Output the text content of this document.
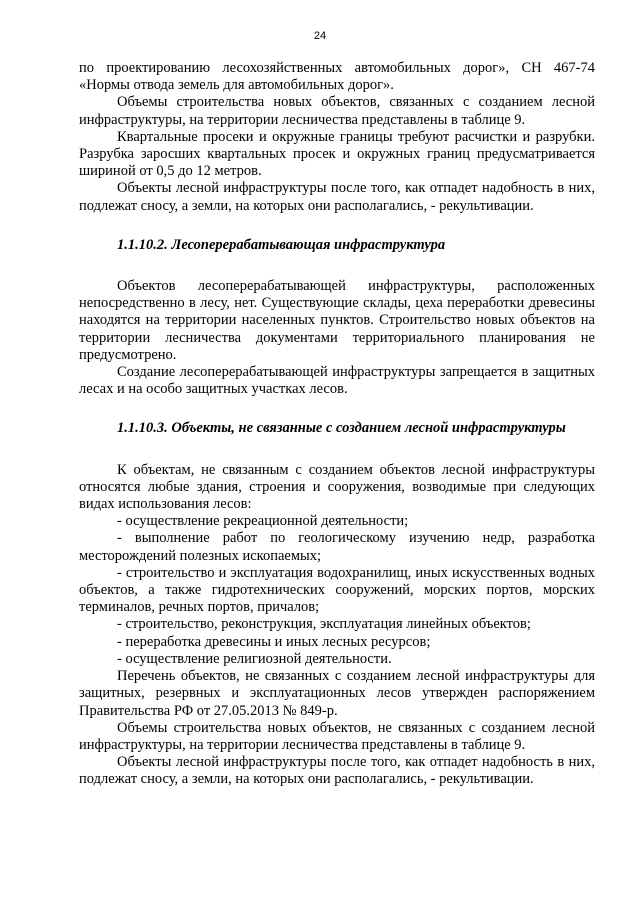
24

по проектированию лесохозяйственных автомобильных дорог», СН 467-74 «Нормы отвода земель для автомобильных дорог».

Объемы строительства новых объектов, связанных с созданием лесной инфраструктуры, на территории лесничества представлены в таблице 9.

Квартальные просеки и окружные границы требуют расчистки и разрубки. Разрубка заросших квартальных просек и окружных границ предусматривается шириной от 0,5 до 12 метров.

Объекты лесной инфраструктуры после того, как отпадет надобность в них, подлежат сносу, а земли, на которых они располагались, - рекультивации.

1.1.10.2. Лесоперерабатывающая инфраструктура

Объектов лесоперерабатывающей инфраструктуры, расположенных непосредственно в лесу, нет. Существующие склады, цеха переработки древесины находятся на территории населенных пунктов. Строительство новых объектов на территории лесничества документами территориального планирования не предусмотрено.

Создание лесоперерабатывающей инфраструктуры запрещается в защитных лесах и на особо защитных участках лесов.

1.1.10.3. Объекты, не связанные с созданием лесной инфраструктуры

К объектам, не связанным с созданием объектов лесной инфраструктуры относятся любые здания, строения и сооружения, возводимые при следующих видах использования лесов:

- осуществление рекреационной деятельности;
- выполнение работ по геологическому изучению недр, разработка месторождений полезных ископаемых;
- строительство и эксплуатация водохранилищ, иных искусственных водных объектов, а также гидротехнических сооружений, морских портов, морских терминалов, речных портов, причалов;
- строительство, реконструкция, эксплуатация линейных объектов;
- переработка древесины и иных лесных ресурсов;
- осуществление религиозной деятельности.

Перечень объектов, не связанных с созданием лесной инфраструктуры для защитных, резервных и эксплуатационных лесов утвержден распоряжением Правительства РФ от 27.05.2013 № 849-р.

Объемы строительства новых объектов, не связанных с созданием лесной инфраструктуры, на территории лесничества представлены в таблице 9.

Объекты лесной инфраструктуры после того, как отпадет надобность в них, подлежат сносу, а земли, на которых они располагались, - рекультивации.
